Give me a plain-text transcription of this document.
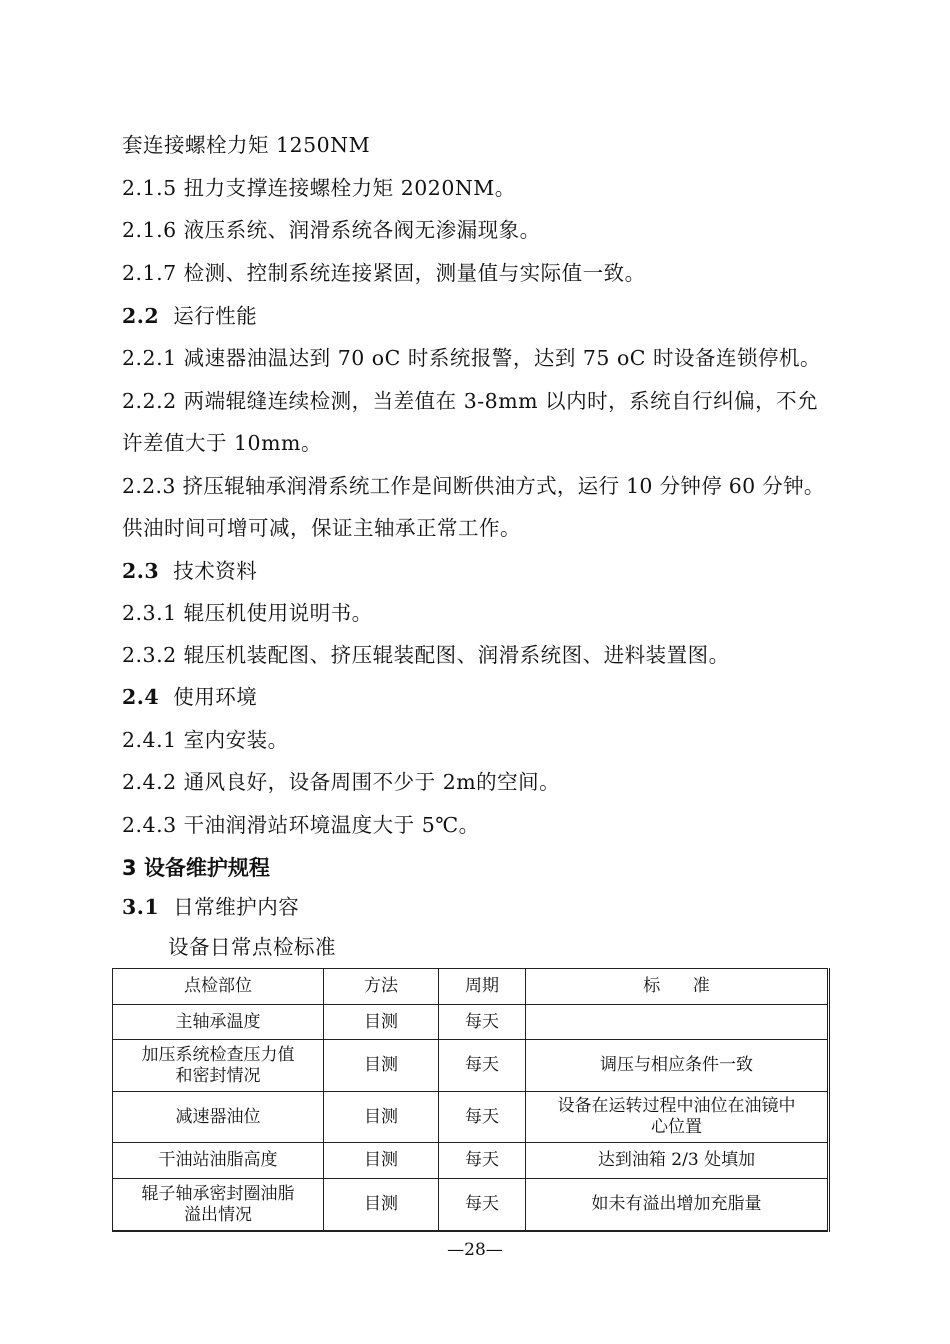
套连接螺栓力矩 1250NM
2.1.5 扭力支撑连接螺栓力矩 2020NM。
2.1.6 液压系统、润滑系统各阀无渗漏现象。
2.1.7 检测、控制系统连接紧固，测量值与实际值一致。
2.2 运行性能
2.2.1 减速器油温达到 70 oC 时系统报警，达到 75 oC 时设备连锁停机。
2.2.2 两端辊缝连续检测，当差值在 3-8mm 以内时，系统自行纠偏，不允
许差值大于 10mm。
2.2.3 挤压辊轴承润滑系统工作是间断供油方式，运行 10 分钟停 60 分钟。
供油时间可增可减，保证主轴承正常工作。
2.3 技术资料
2.3.1 辊压机使用说明书。
2.3.2 辊压机装配图、挤压辊装配图、润滑系统图、进料装置图。
2.4 使用环境
2.4.1 室内安装。
2.4.2 通风良好，设备周围不少于 2m的空间。
2.4.3 干油润滑站环境温度大于 5℃。
3 设备维护规程
3.1 日常维护内容
设备日常点检标准
点检部位	方法	周期	标      准
主轴承温度	目测	每天	
加压系统检查压力值
和密封情况	目测	每天	调压与相应条件一致
减速器油位	目测	每天	设备在运转过程中油位在油镜中
心位置
干油站油脂高度	目测	每天	达到油箱 2/3 处填加
辊子轴承密封圈油脂
溢出情况	目测	每天	如未有溢出增加充脂量
—28—
